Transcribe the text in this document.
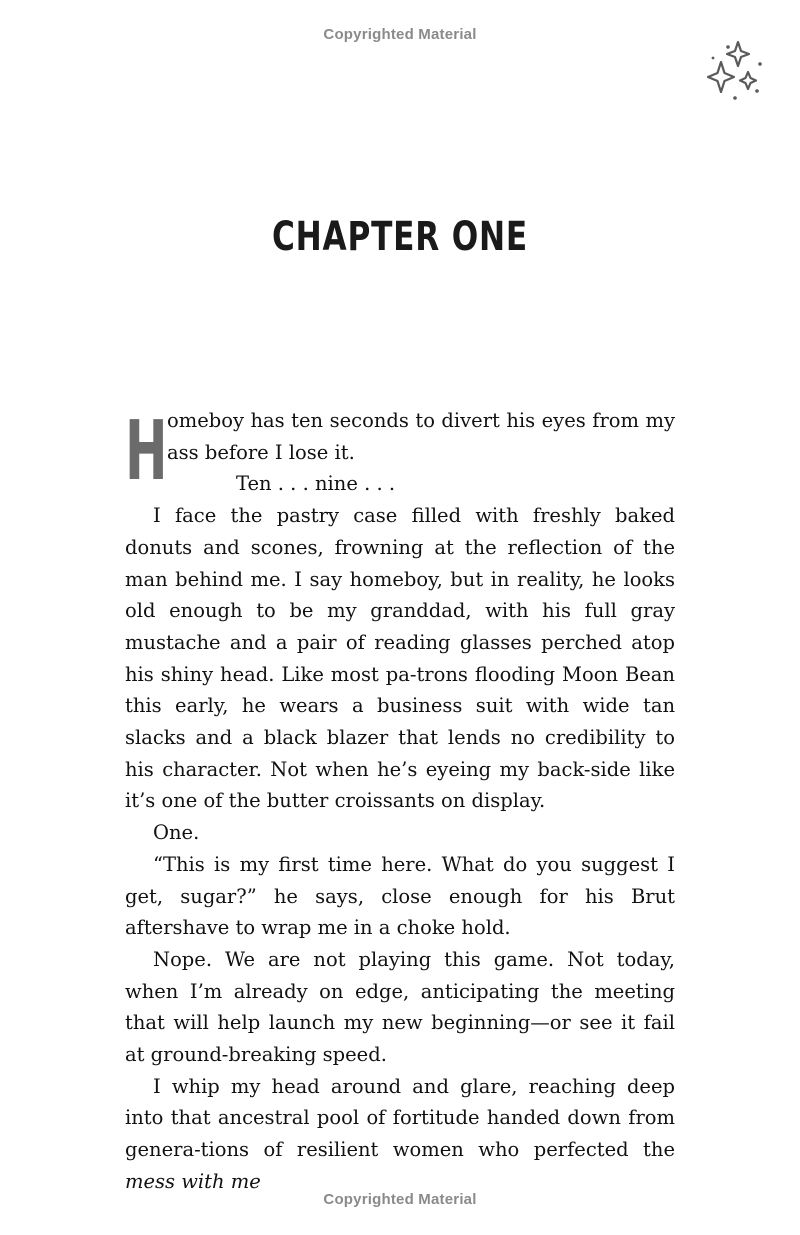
Copyrighted Material
CHAPTER ONE

Homeboy has ten seconds to divert his eyes from my ass before I lose it.

Ten . . . nine . . .

I face the pastry case filled with freshly baked donuts and scones, frowning at the reflection of the man behind me. I say homeboy, but in reality, he looks old enough to be my granddad, with his full gray mustache and a pair of reading glasses perched atop his shiny head. Like most pa-trons flooding Moon Bean this early, he wears a business suit with wide tan slacks and a black blazer that lends no credibility to his character. Not when he’s eyeing my back-side like it’s one of the butter croissants on display.

One.

“This is my first time here. What do you suggest I get, sugar?” he says, close enough for his Brut aftershave to wrap me in a choke hold.

Nope. We are not playing this game. Not today, when I’m already on edge, anticipating the meeting that will help launch my new beginning—or see it fail at ground-breaking speed.

I whip my head around and glare, reaching deep into that ancestral pool of fortitude handed down from genera-tions of resilient women who perfected the mess with me

Copyrighted Material
